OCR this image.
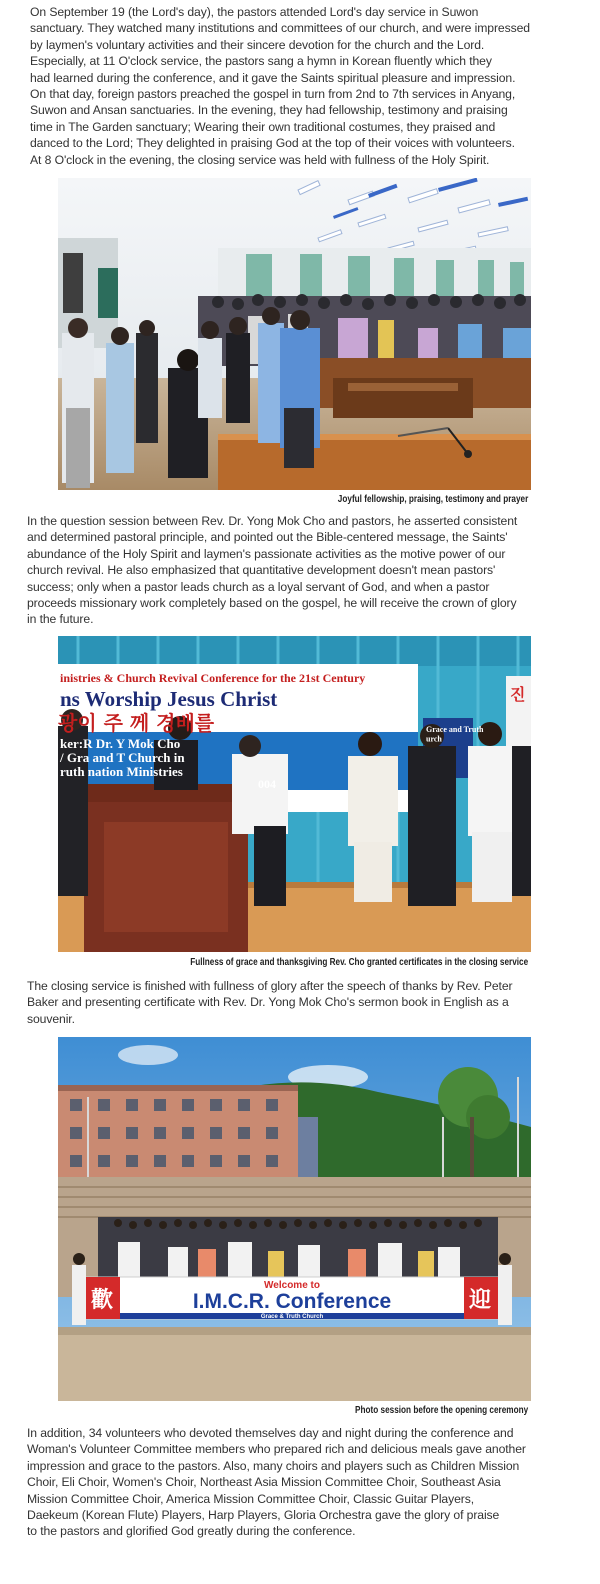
On September 19 (the Lord's day), the pastors attended Lord's day service in Suwon
sanctuary. They watched many institutions and committees of our church, and were impressed
by laymen's voluntary activities and their sincere devotion for the church and the Lord.
Especially, at 11 O'clock service, the pastors sang a hymn in Korean fluently which they
had learned during the conference, and it gave the Saints spiritual pleasure and impression.
On that day, foreign pastors preached the gospel in turn from 2nd to 7th services in Anyang,
Suwon and Ansan sanctuaries. In the evening, they had fellowship, testimony and praising
time in The Garden sanctuary; Wearing their own traditional costumes, they praised and
danced to the Lord; They delighted in praising God at the top of their voices with volunteers.
At 8 O'clock in the evening, the closing service was held with fullness of the Holy Spirit.

Joyful fellowship, praising, testimony and prayer

In the question session between Rev. Dr. Yong Mok Cho and pastors, he asserted consistent
and determined pastoral principle, and pointed out the Bible-centered message, the Saints'
abundance of the Holy Spirit and laymen's passionate activities as the motive power of our
church revival. He also emphasized that quantitative development doesn't mean pastors'
success; only when a pastor leads church as a loyal servant of God, and when a pastor
proceeds missionary work completely based on the gospel, he will receive the crown of glory
in the future.

inistries & Church Revival Conference for the 21st Century
ns Worship Jesus Christ
광이 주 께 경배를
ker:R Dr. Y Mok Cho
/ Gra and T Church in
ruth nation Ministries
004
Grace and Truth urch
진
Fullness of grace and thanksgiving Rev. Cho granted certificates in the closing service

The closing service is finished with fullness of glory after the speech of thanks by Rev. Peter
Baker and presenting certificate with Rev. Dr. Yong Mok Cho's sermon book in English as a
souvenir.

歡	迎
Welcome to
I.M.C.R. Conference
Grace & Truth Church
Photo session before the opening ceremony

In addition, 34 volunteers who devoted themselves day and night during the conference and
Woman's Volunteer Committee members who prepared rich and delicious meals gave another
impression and grace to the pastors. Also, many choirs and players such as Children Mission
Choir, Eli Choir, Women's Choir, Northeast Asia Mission Committee Choir, Southeast Asia
Mission Committee Choir, America Mission Committee Choir, Classic Guitar Players,
Daekeum (Korean Flute) Players, Harp Players, Gloria Orchestra gave the glory of praise
to the pastors and glorified God greatly during the conference.
